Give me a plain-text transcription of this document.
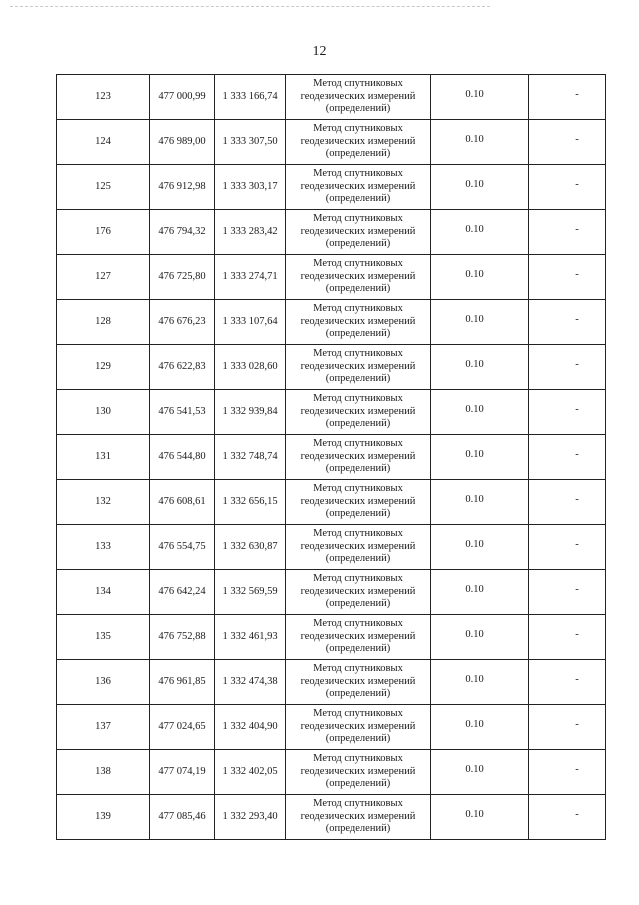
12
123	477 000,99	1 333 166,74	Метод спутниковых
геодезических измерений
(определений)	0.10	-

124	476 989,00	1 333 307,50	Метод спутниковых
геодезических измерений
(определений)	0.10	-

125	476 912,98	1 333 303,17	Метод спутниковых
геодезических измерений
(определений)	0.10	-

176	476 794,32	1 333 283,42	Метод спутниковых
геодезических измерений
(определений)	0.10	-

127	476 725,80	1 333 274,71	Метод спутниковых
геодезических измерений
(определений)	0.10	-

128	476 676,23	1 333 107,64	Метод спутниковых
геодезических измерений
(определений)	0.10	-

129	476 622,83	1 333 028,60	Метод спутниковых
геодезических измерений
(определений)	0.10	-

130	476 541,53	1 332 939,84	Метод спутниковых
геодезических измерений
(определений)	0.10	-

131	476 544,80	1 332 748,74	Метод спутниковых
геодезических измерений
(определений)	0.10	-

132	476 608,61	1 332 656,15	Метод спутниковых
геодезических измерений
(определений)	0.10	-

133	476 554,75	1 332 630,87	Метод спутниковых
геодезических измерений
(определений)	0.10	-

134	476 642,24	1 332 569,59	Метод спутниковых
геодезических измерений
(определений)	0.10	-

135	476 752,88	1 332 461,93	Метод спутниковых
геодезических измерений
(определений)	0.10	-

136	476 961,85	1 332 474,38	Метод спутниковых
геодезических измерений
(определений)	0.10	-

137	477 024,65	1 332 404,90	Метод спутниковых
геодезических измерений
(определений)	0.10	-

138	477 074,19	1 332 402,05	Метод спутниковых
геодезических измерений
(определений)	0.10	-

139	477 085,46	1 332 293,40	Метод спутниковых
геодезических измерений
(определений)	0.10	-
